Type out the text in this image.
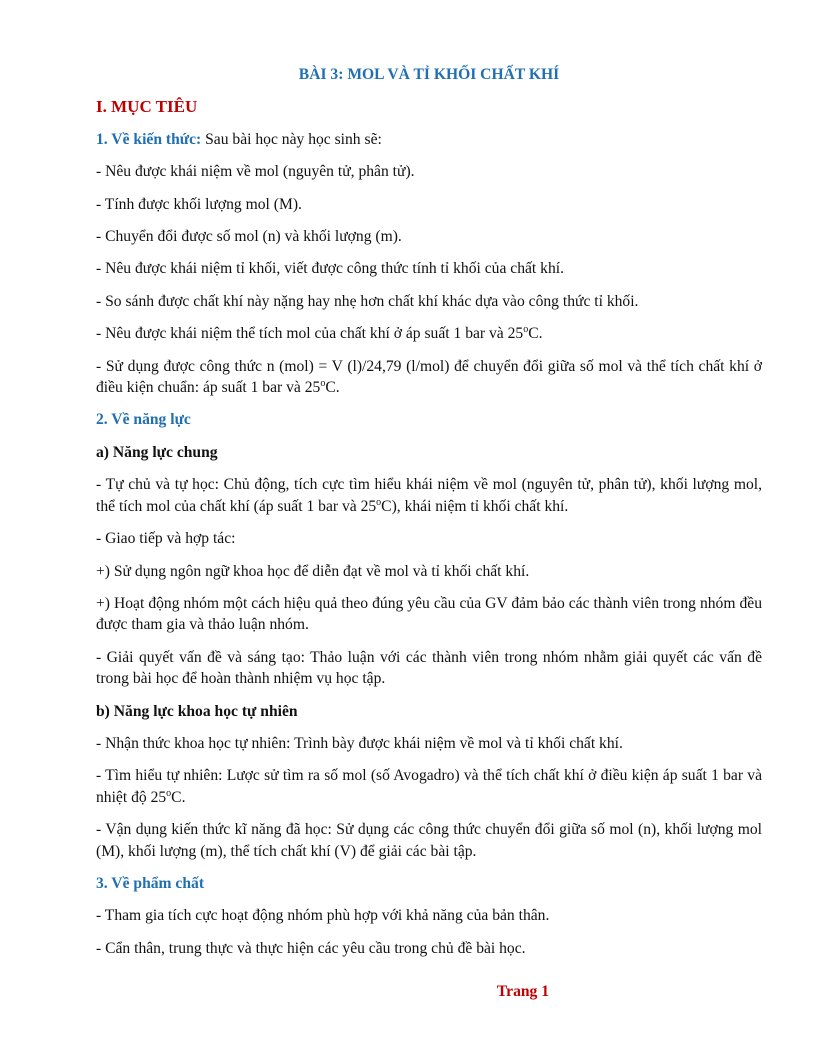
BÀI 3: MOL VÀ TỈ KHỐI CHẤT KHÍ
I. MỤC TIÊU
1. Về kiến thức: Sau bài học này học sinh sẽ:
- Nêu được khái niệm về mol (nguyên tử, phân tử).
- Tính được khối lượng mol (M).
- Chuyển đổi được số mol (n) và khối lượng (m).
- Nêu được khái niệm tỉ khối, viết được công thức tính tỉ khối của chất khí.
- So sánh được chất khí này nặng hay nhẹ hơn chất khí khác dựa vào công thức tỉ khối.
- Nêu được khái niệm thể tích mol của chất khí ở áp suất 1 bar và 25$^o$C.
- Sử dụng được công thức n (mol) = V (l)/24,79 (l/mol) để chuyển đổi giữa số mol và thể tích chất khí ở điều kiện chuẩn: áp suất 1 bar và 25$^o$C.
2. Về năng lực
a) Năng lực chung
- Tự chủ và tự học: Chủ động, tích cực tìm hiểu khái niệm về mol (nguyên tử, phân tử), khối lượng mol, thể tích mol của chất khí (áp suất 1 bar và 25$^o$C), khái niệm tỉ khối chất khí.
- Giao tiếp và hợp tác:
+) Sử dụng ngôn ngữ khoa học để diễn đạt về mol và tỉ khối chất khí.
+) Hoạt động nhóm một cách hiệu quả theo đúng yêu cầu của GV đảm bảo các thành viên trong nhóm đều được tham gia và thảo luận nhóm.
- Giải quyết vấn đề và sáng tạo: Thảo luận với các thành viên trong nhóm nhằm giải quyết các vấn đề trong bài học để hoàn thành nhiệm vụ học tập.
b) Năng lực khoa học tự nhiên
- Nhận thức khoa học tự nhiên: Trình bày được khái niệm về mol và tỉ khối chất khí.
- Tìm hiểu tự nhiên: Lược sử tìm ra số mol (số Avogadro) và thể tích chất khí ở điều kiện áp suất 1 bar và nhiệt độ 25$^o$C.
- Vận dụng kiến thức kĩ năng đã học: Sử dụng các công thức chuyển đổi giữa số mol (n), khối lượng mol (M), khối lượng (m), thể tích chất khí (V) để giải các bài tập.
3. Về phẩm chất
- Tham gia tích cực hoạt động nhóm phù hợp với khả năng của bản thân.
- Cẩn thân, trung thực và thực hiện các yêu cầu trong chủ đề bài học.
Trang 1
